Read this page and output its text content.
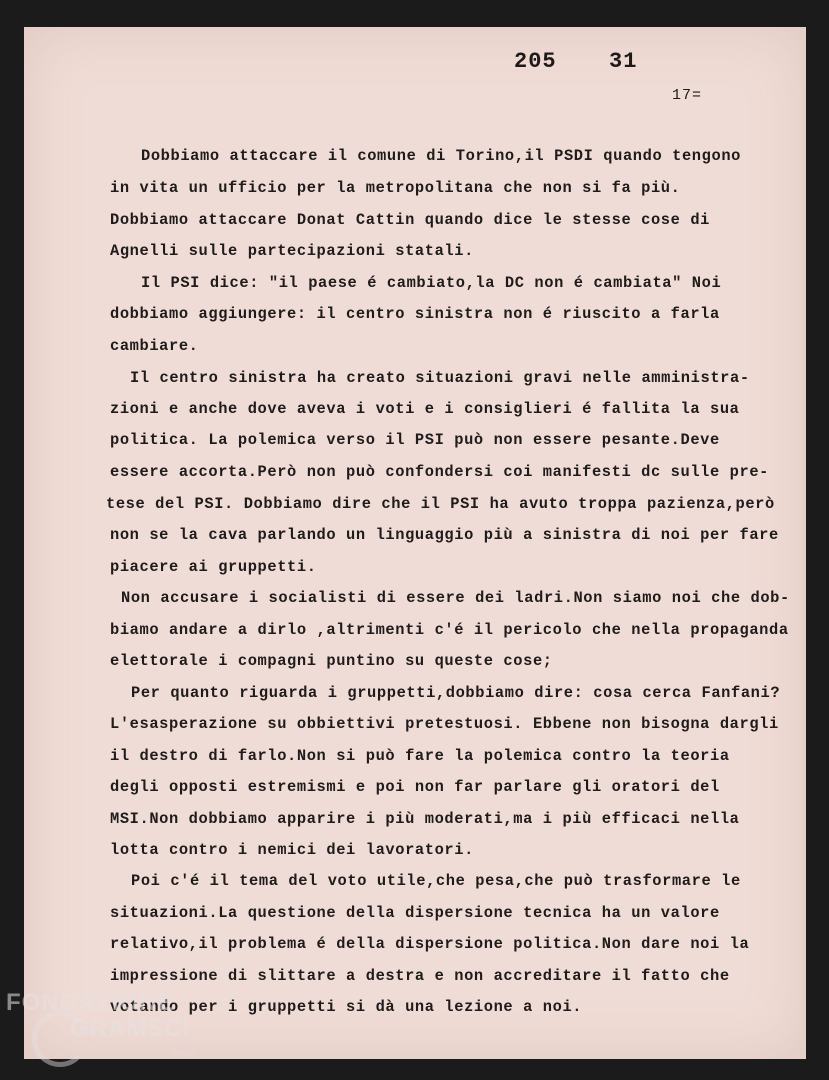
205 31
17=
Dobbiamo attaccare il comune di Torino,il PSDI quando tengono
in vita un ufficio per la metropolitana che non si fa più.
Dobbiamo attaccare Donat Cattin quando dice le stesse cose di
Agnelli sulle partecipazioni statali.
Il PSI dice: "il paese é cambiato,la DC non é cambiata" Noi
dobbiamo aggiungere: il centro sinistra non é riuscito a farla
cambiare.
Il centro sinistra ha creato situazioni gravi nelle amministra-
zioni e anche dove aveva i voti e i consiglieri é fallita la sua
politica. La polemica verso il PSI può non essere pesante.Deve
essere accorta.Però non può confondersi coi manifesti dc sulle pre-
tese del PSI. Dobbiamo dire che il PSI ha avuto troppa pazienza,però
non se la cava parlando un linguaggio più a sinistra di noi per fare
piacere ai gruppetti.
Non accusare i socialisti di essere dei ladri.Non siamo noi che dob-
biamo andare a dirlo ,altrimenti c'é il pericolo che nella propaganda
elettorale i compagni puntino su queste cose;
Per quanto riguarda i gruppetti,dobbiamo dire: cosa cerca Fanfani?
L'esasperazione su obbiettivi pretestuosi. Ebbene non bisogna dargli
il destro di farlo.Non si può fare la polemica contro la teoria
degli opposti estremismi e poi non far parlare gli oratori del
MSI.Non dobbiamo apparire i più moderati,ma i più efficaci nella
lotta contro i nemici dei lavoratori.
Poi c'é il tema del voto utile,che pesa,che può trasformare le
situazioni.La questione della dispersione tecnica ha un valore
relativo,il problema é della dispersione politica.Non dare noi la
impressione di slittare a destra e non accreditare il fatto che
votando per i gruppetti si dà una lezione a noi.
FONDAZIONE
GRAMSCI
onlus
